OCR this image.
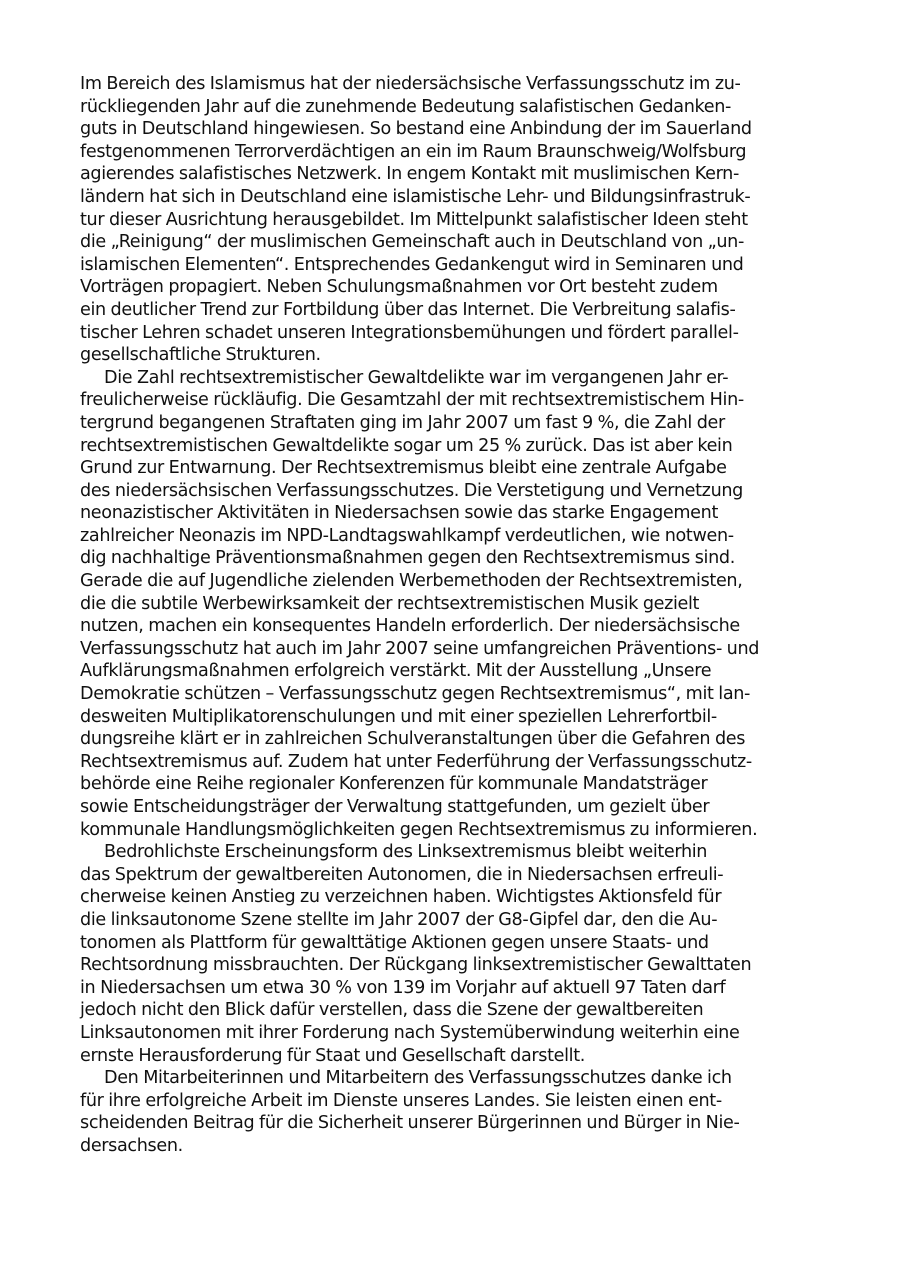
Im Bereich des Islamismus hat der niedersächsische Verfassungsschutz im zu-
rückliegenden Jahr auf die zunehmende Bedeutung salafistischen Gedanken-
guts in Deutschland hingewiesen. So bestand eine Anbindung der im Sauerland
festgenommenen Terrorverdächtigen an ein im Raum Braunschweig/Wolfsburg
agierendes salafistisches Netzwerk. In engem Kontakt mit muslimischen Kern-
ländern hat sich in Deutschland eine islamistische Lehr- und Bildungsinfrastruk-
tur dieser Ausrichtung herausgebildet. Im Mittelpunkt salafistischer Ideen steht
die „Reinigung“ der muslimischen Gemeinschaft auch in Deutschland von „un-
islamischen Elementen“. Entsprechendes Gedankengut wird in Seminaren und
Vorträgen propagiert. Neben Schulungsmaßnahmen vor Ort besteht zudem
ein deutlicher Trend zur Fortbildung über das Internet. Die Verbreitung salafis-
tischer Lehren schadet unseren Integrationsbemühungen und fördert parallel-
gesellschaftliche Strukturen.
Die Zahl rechtsextremistischer Gewaltdelikte war im vergangenen Jahr er-
freulicherweise rückläufig. Die Gesamtzahl der mit rechtsextremistischem Hin-
tergrund begangenen Straftaten ging im Jahr 2007 um fast 9 %, die Zahl der
rechtsextremistischen Gewaltdelikte sogar um 25 % zurück. Das ist aber kein
Grund zur Entwarnung. Der Rechtsextremismus bleibt eine zentrale Aufgabe
des niedersächsischen Verfassungsschutzes. Die Verstetigung und Vernetzung
neonazistischer Aktivitäten in Niedersachsen sowie das starke Engagement
zahlreicher Neonazis im NPD-Landtagswahlkampf verdeutlichen, wie notwen-
dig nachhaltige Präventionsmaßnahmen gegen den Rechtsextremismus sind.
Gerade die auf Jugendliche zielenden Werbemethoden der Rechtsextremisten,
die die subtile Werbewirksamkeit der rechtsextremistischen Musik gezielt
nutzen, machen ein konsequentes Handeln erforderlich. Der niedersächsische
Verfassungsschutz hat auch im Jahr 2007 seine umfangreichen Präventions- und
Aufklärungsmaßnahmen erfolgreich verstärkt. Mit der Ausstellung „Unsere
Demokratie schützen – Verfassungsschutz gegen Rechtsextremismus“, mit lan-
desweiten Multiplikatorenschulungen und mit einer speziellen Lehrerfortbil-
dungsreihe klärt er in zahlreichen Schulveranstaltungen über die Gefahren des
Rechtsextremismus auf. Zudem hat unter Federführung der Verfassungsschutz-
behörde eine Reihe regionaler Konferenzen für kommunale Mandatsträger
sowie Entscheidungsträger der Verwaltung stattgefunden, um gezielt über
kommunale Handlungsmöglichkeiten gegen Rechtsextremismus zu informieren.
Bedrohlichste Erscheinungsform des Linksextremismus bleibt weiterhin
das Spektrum der gewaltbereiten Autonomen, die in Niedersachsen erfreuli-
cherweise keinen Anstieg zu verzeichnen haben. Wichtigstes Aktionsfeld für
die linksautonome Szene stellte im Jahr 2007 der G8-Gipfel dar, den die Au-
tonomen als Plattform für gewalttätige Aktionen gegen unsere Staats- und
Rechtsordnung missbrauchten. Der Rückgang linksextremistischer Gewalttaten
in Niedersachsen um etwa 30 % von 139 im Vorjahr auf aktuell 97 Taten darf
jedoch nicht den Blick dafür verstellen, dass die Szene der gewaltbereiten
Linksautonomen mit ihrer Forderung nach Systemüberwindung weiterhin eine
ernste Herausforderung für Staat und Gesellschaft darstellt.
Den Mitarbeiterinnen und Mitarbeitern des Verfassungsschutzes danke ich
für ihre erfolgreiche Arbeit im Dienste unseres Landes. Sie leisten einen ent-
scheidenden Beitrag für die Sicherheit unserer Bürgerinnen und Bürger in Nie-
dersachsen.
